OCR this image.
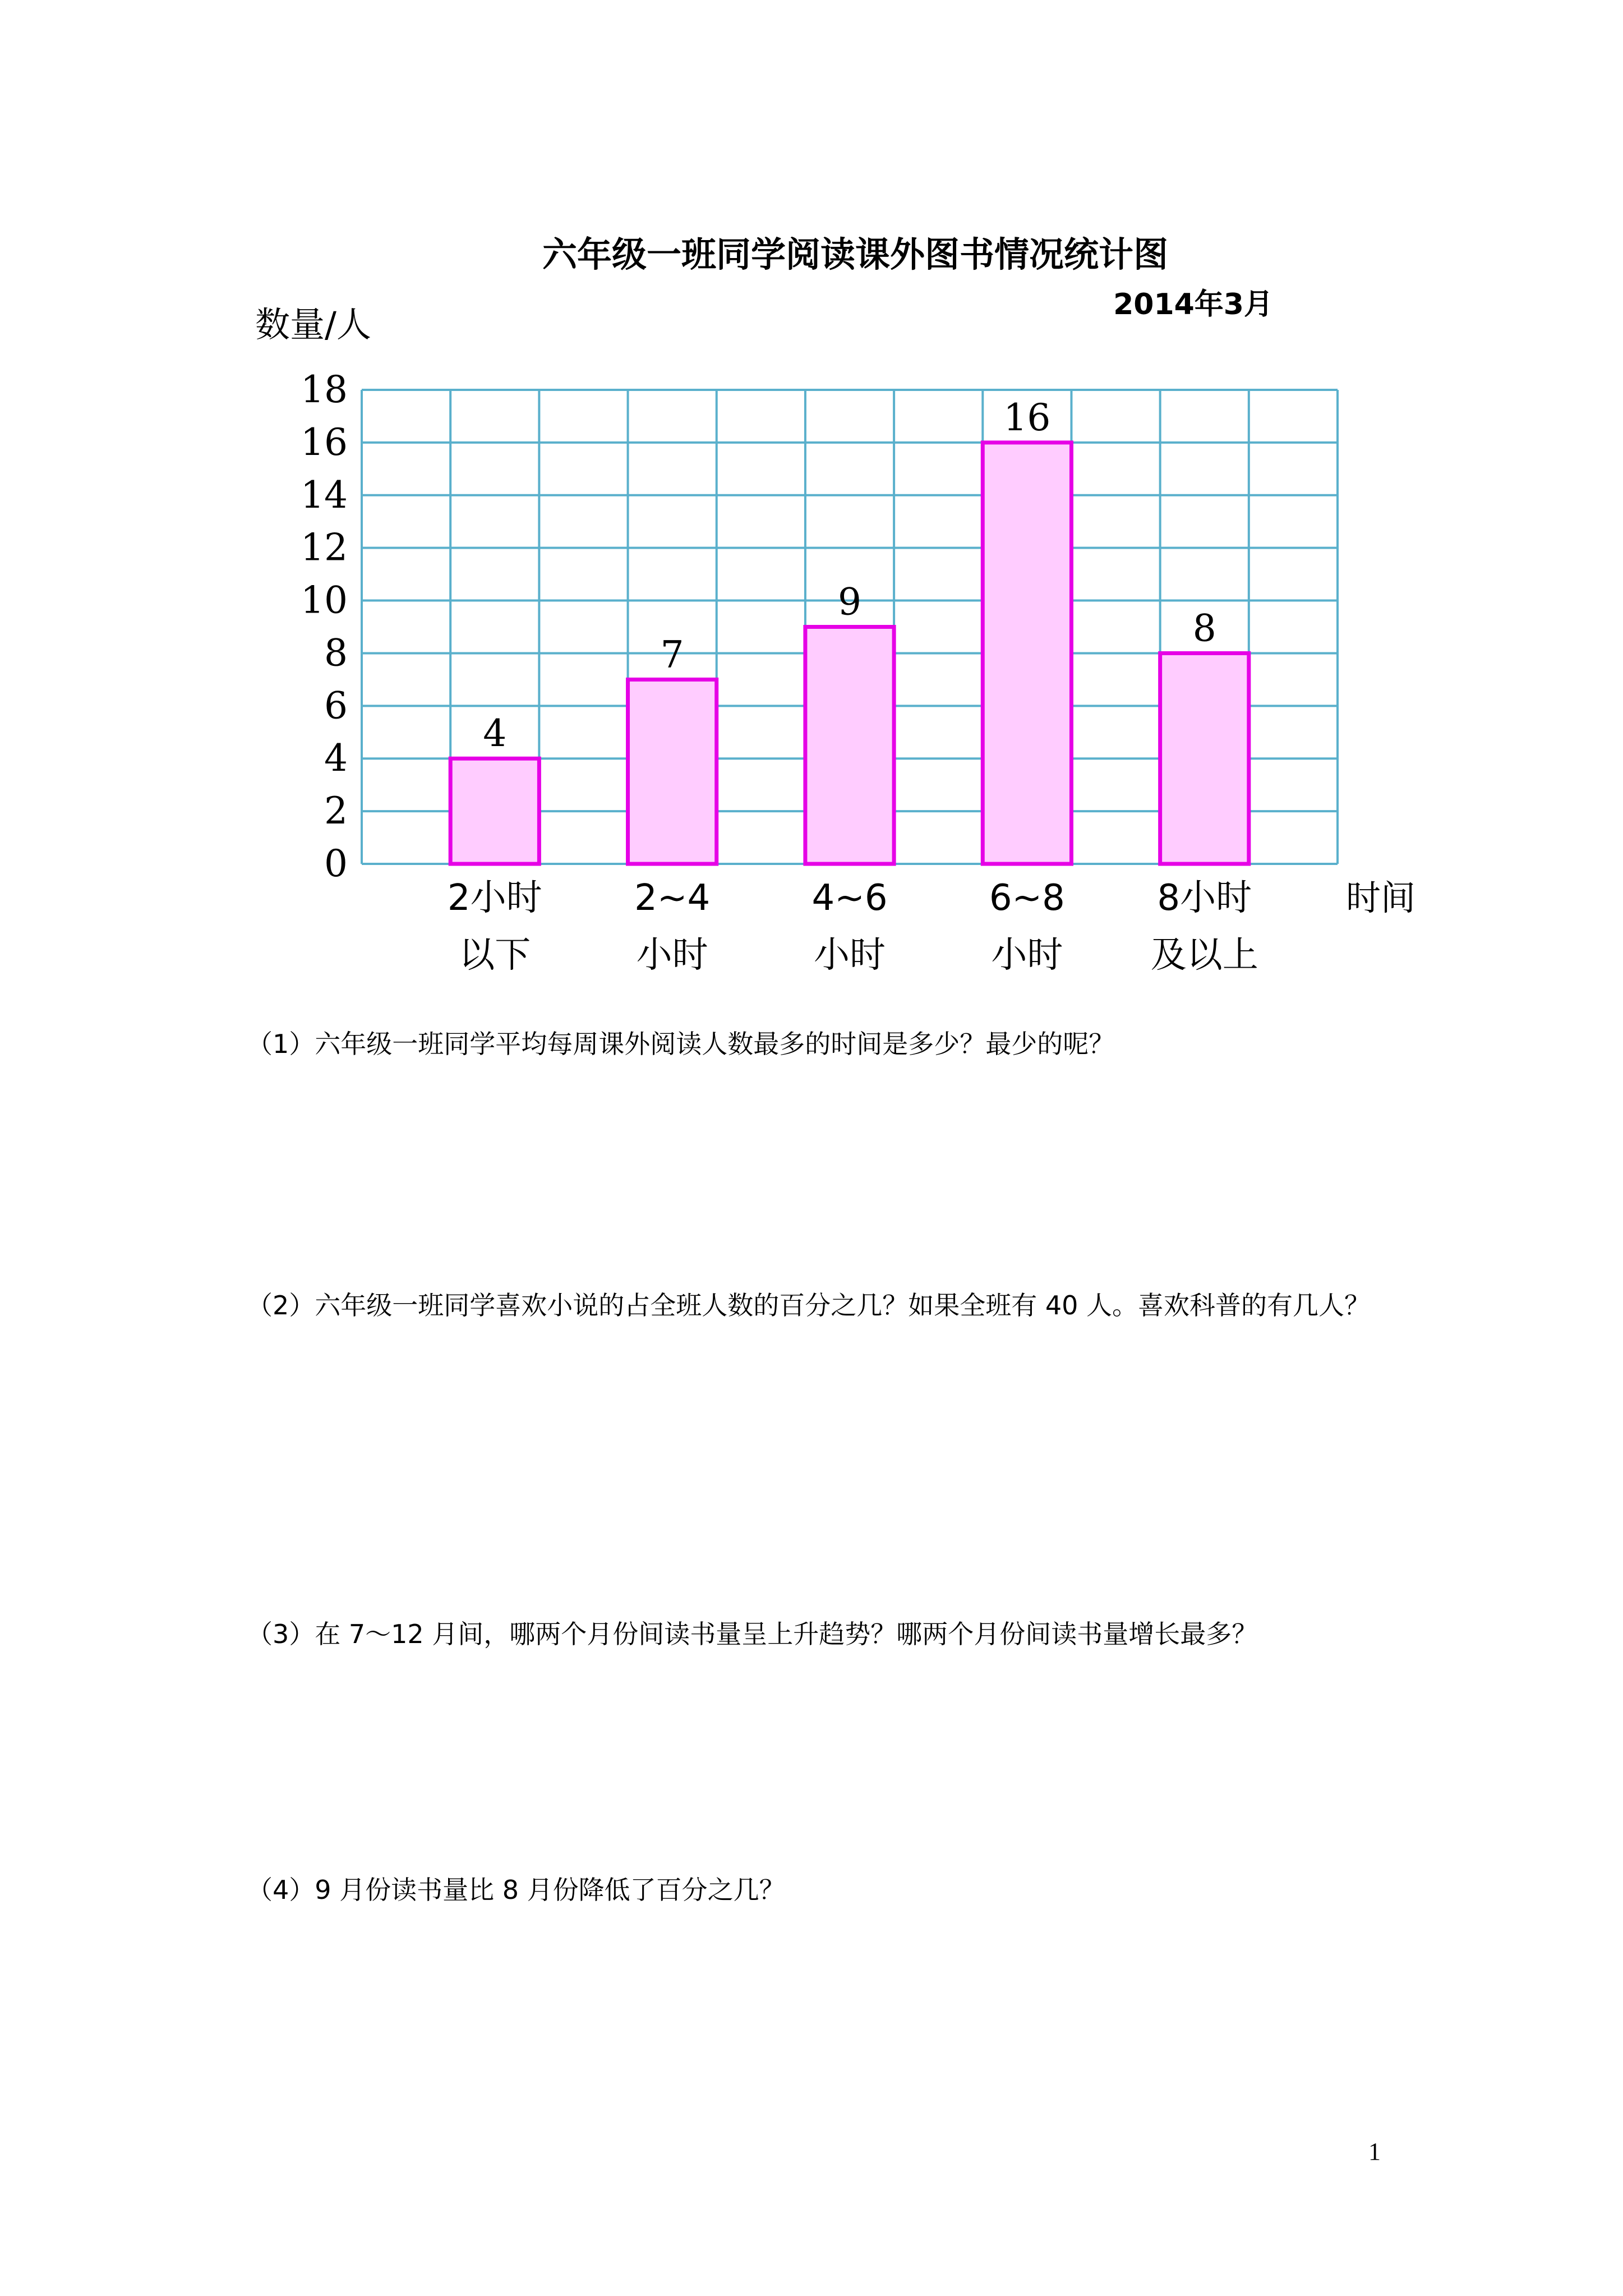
六年级一班同学阅读课外图书情况统计图
2014年3月
数量/人
时间
0
2
4
6
8
10
12
14
16
18
4
7
9
16
8
2小时
以下
2~4
小时
4~6
小时
6~8
小时
8小时
及以上

（1）六年级一班同学平均每周课外阅读人数最多的时间是多少？最少的呢？

（2）六年级一班同学喜欢小说的占全班人数的百分之几？如果全班有 40 人。喜欢科普的有几人？

（3）在 7～12 月间，哪两个月份间读书量呈上升趋势？哪两个月份间读书量增长最多？

（4）9 月份读书量比 8 月份降低了百分之几？

1
